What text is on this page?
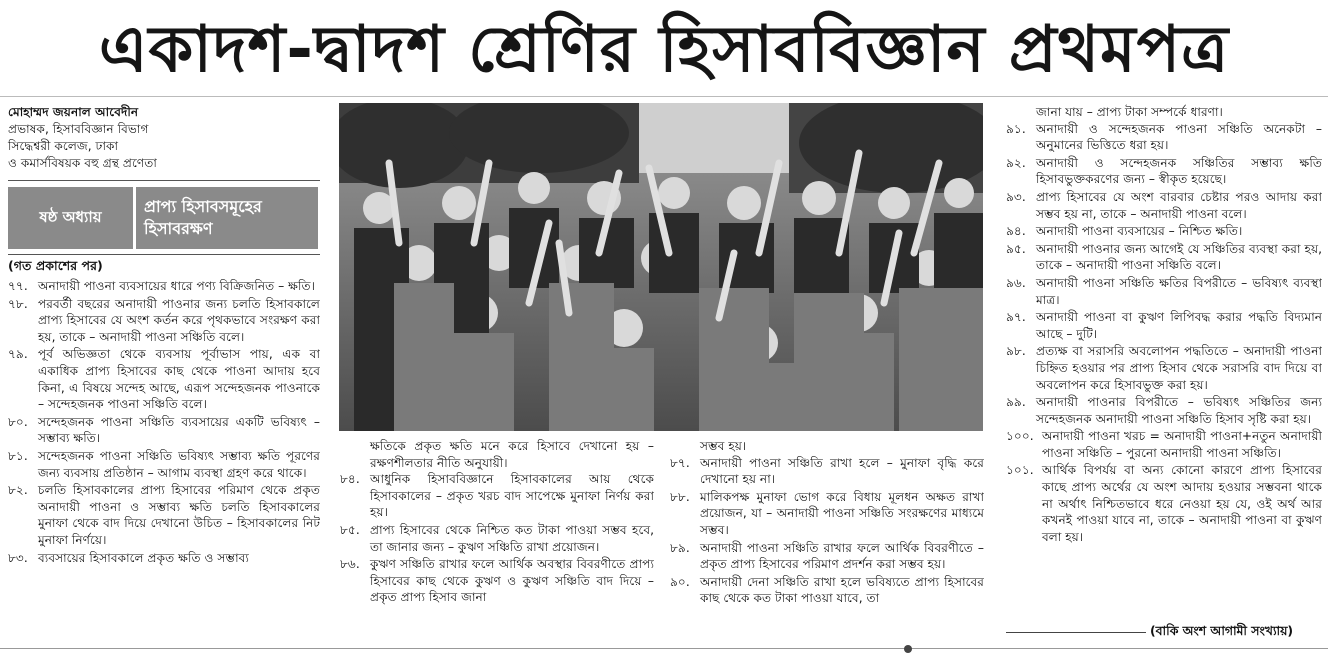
একাদশ-দ্বাদশ শ্রেণির হিসাববিজ্ঞান প্রথমপত্র

মোহাম্মদ জয়নাল আবেদীন

প্রভাষক, হিসাববিজ্ঞান বিভাগ

সিদ্ধেশ্বরী কলেজ, ঢাকা

ও কমার্সবিষয়ক বহু গ্রন্থ প্রণেতা

ষষ্ঠ অধ্যায়
প্রাপ্য হিসাবসমূহের
হিসাবরক্ষণ
(গত প্রকাশের পর)
৭৭. অনাদায়ী পাওনা ব্যবসায়ের ধারে পণ্য বিক্রিজনিত – ক্ষতি।
৭৮. পরবর্তী বছরের অনাদায়ী পাওনার জন্য চলতি হিসাবকালে প্রাপ্য হিসাবের যে অংশ কর্তন করে পৃথকভাবে সংরক্ষণ করা হয়, তাকে – অনাদায়ী পাওনা সঞ্চিতি বলে।
৭৯. পূর্ব অভিজ্ঞতা থেকে ব্যবসায় পূর্বাভাস পায়, এক বা একাধিক প্রাপ্য হিসাবের কাছ থেকে পাওনা আদায় হবে কিনা, এ বিষয়ে সন্দেহ আছে, এরূপ সন্দেহজনক পাওনাকে – সন্দেহজনক পাওনা সঞ্চিতি বলে।
৮০. সন্দেহজনক পাওনা সঞ্চিতি ব্যবসায়ের একটি ভবিষ্যৎ – সম্ভাব্য ক্ষতি।
৮১. সন্দেহজনক পাওনা সঞ্চিতি ভবিষ্যৎ সম্ভাব্য ক্ষতি পূরণের জন্য ব্যবসায় প্রতিষ্ঠান – আগাম ব্যবস্থা গ্রহণ করে থাকে।
৮২. চলতি হিসাবকালের প্রাপ্য হিসাবের পরিমাণ থেকে প্রকৃত অনাদায়ী পাওনা ও সম্ভাব্য ক্ষতি চলতি হিসাবকালের মুনাফা থেকে বাদ দিয়ে দেখানো উচিত – হিসাবকালের নিট মুনাফা নির্ণয়ে।
৮৩. ব্যবসায়ের হিসাবকালে প্রকৃত ক্ষতি ও সম্ভাব্য

ক্ষতিকে প্রকৃত ক্ষতি মনে করে হিসাবে দেখানো হয় – রক্ষণশীলতার নীতি অনুযায়ী।

৮৪. আধুনিক হিসাববিজ্ঞানে হিসাবকালের আয় থেকে হিসাবকালের – প্রকৃত খরচ বাদ সাপেক্ষে মুনাফা নির্ণয় করা হয়।
৮৫. প্রাপ্য হিসাবের থেকে নিশ্চিত কত টাকা পাওয়া সম্ভব হবে, তা জানার জন্য – কুঋণ সঞ্চিতি রাখা প্রয়োজন।
৮৬. কুঋণ সঞ্চিতি রাখার ফলে আর্থিক অবস্থার বিবরণীতে প্রাপ্য হিসাবের কাছ থেকে কুঋণ ও কুঋণ সঞ্চিতি বাদ দিয়ে – প্রকৃত প্রাপ্য হিসাব জানা

সম্ভব হয়।

৮৭. অনাদায়ী পাওনা সঞ্চিতি রাখা হলে – মুনাফা বৃদ্ধি করে দেখানো হয় না।
৮৮. মালিকপক্ষ মুনাফা ভোগ করে বিধায় মূলধন অক্ষত রাখা প্রয়োজন, যা – অনাদায়ী পাওনা সঞ্চিতি সংরক্ষণের মাধ্যমে সম্ভব।
৮৯. অনাদায়ী পাওনা সঞ্চিতি রাখার ফলে আর্থিক বিবরণীতে – প্রকৃত প্রাপ্য হিসাবের পরিমাণ প্রদর্শন করা সম্ভব হয়।
৯০. অনাদায়ী দেনা সঞ্চিতি রাখা হলে ভবিষ্যতে প্রাপ্য হিসাবের কাছ থেকে কত টাকা পাওয়া যাবে, তা

জানা যায় – প্রাপ্য টাকা সম্পর্কে ধারণা।

৯১. অনাদায়ী ও সন্দেহজনক পাওনা সঞ্চিতি অনেকটা – অনুমানের ভিত্তিতে ধরা হয়।
৯২. অনাদায়ী ও সন্দেহজনক সঞ্চিতির সম্ভাব্য ক্ষতি হিসাবভুক্তকরণের জন্য – স্বীকৃত হয়েছে।
৯৩. প্রাপ্য হিসাবের যে অংশ বারবার চেষ্টার পরও আদায় করা সম্ভব হয় না, তাকে – অনাদায়ী পাওনা বলে।
৯৪. অনাদায়ী পাওনা ব্যবসায়ের – নিশ্চিত ক্ষতি।
৯৫. অনাদায়ী পাওনার জন্য আগেই যে সঞ্চিতির ব্যবস্থা করা হয়, তাকে – অনাদায়ী পাওনা সঞ্চিতি বলে।
৯৬. অনাদায়ী পাওনা সঞ্চিতি ক্ষতির বিপরীতে – ভবিষ্যৎ ব্যবস্থা মাত্র।
৯৭. অনাদায়ী পাওনা বা কুঋণ লিপিবদ্ধ করার পদ্ধতি বিদ্যমান আছে – দুটি।
৯৮. প্রত্যক্ষ বা সরাসরি অবলোপন পদ্ধতিতে – অনাদায়ী পাওনা চিহ্নিত হওয়ার পর প্রাপ্য হিসাব থেকে সরাসরি বাদ দিয়ে বা অবলোপন করে হিসাবভুক্ত করা হয়।
৯৯. অনাদায়ী পাওনার বিপরীতে – ভবিষ্যৎ সঞ্চিতির জন্য সন্দেহজনক অনাদায়ী পাওনা সঞ্চিতি হিসাব সৃষ্টি করা হয়।
১০০. অনাদায়ী পাওনা খরচ = অনাদায়ী পাওনা+নতুন অনাদায়ী পাওনা সঞ্চিতি – পুরনো অনাদায়ী পাওনা সঞ্চিতি।
১০১. আর্থিক বিপর্যয় বা অন্য কোনো কারণে প্রাপ্য হিসাবের কাছে প্রাপ্য অর্থের যে অংশ আদায় হওয়ার সম্ভবনা থাকে না অর্থাৎ নিশ্চিতভাবে ধরে নেওয়া হয় যে, ওই অর্থ আর কখনই পাওয়া যাবে না, তাকে – অনাদায়ী পাওনা বা কুঋণ বলা হয়।
(বাকি অংশ আগামী সংখ্যায়)
